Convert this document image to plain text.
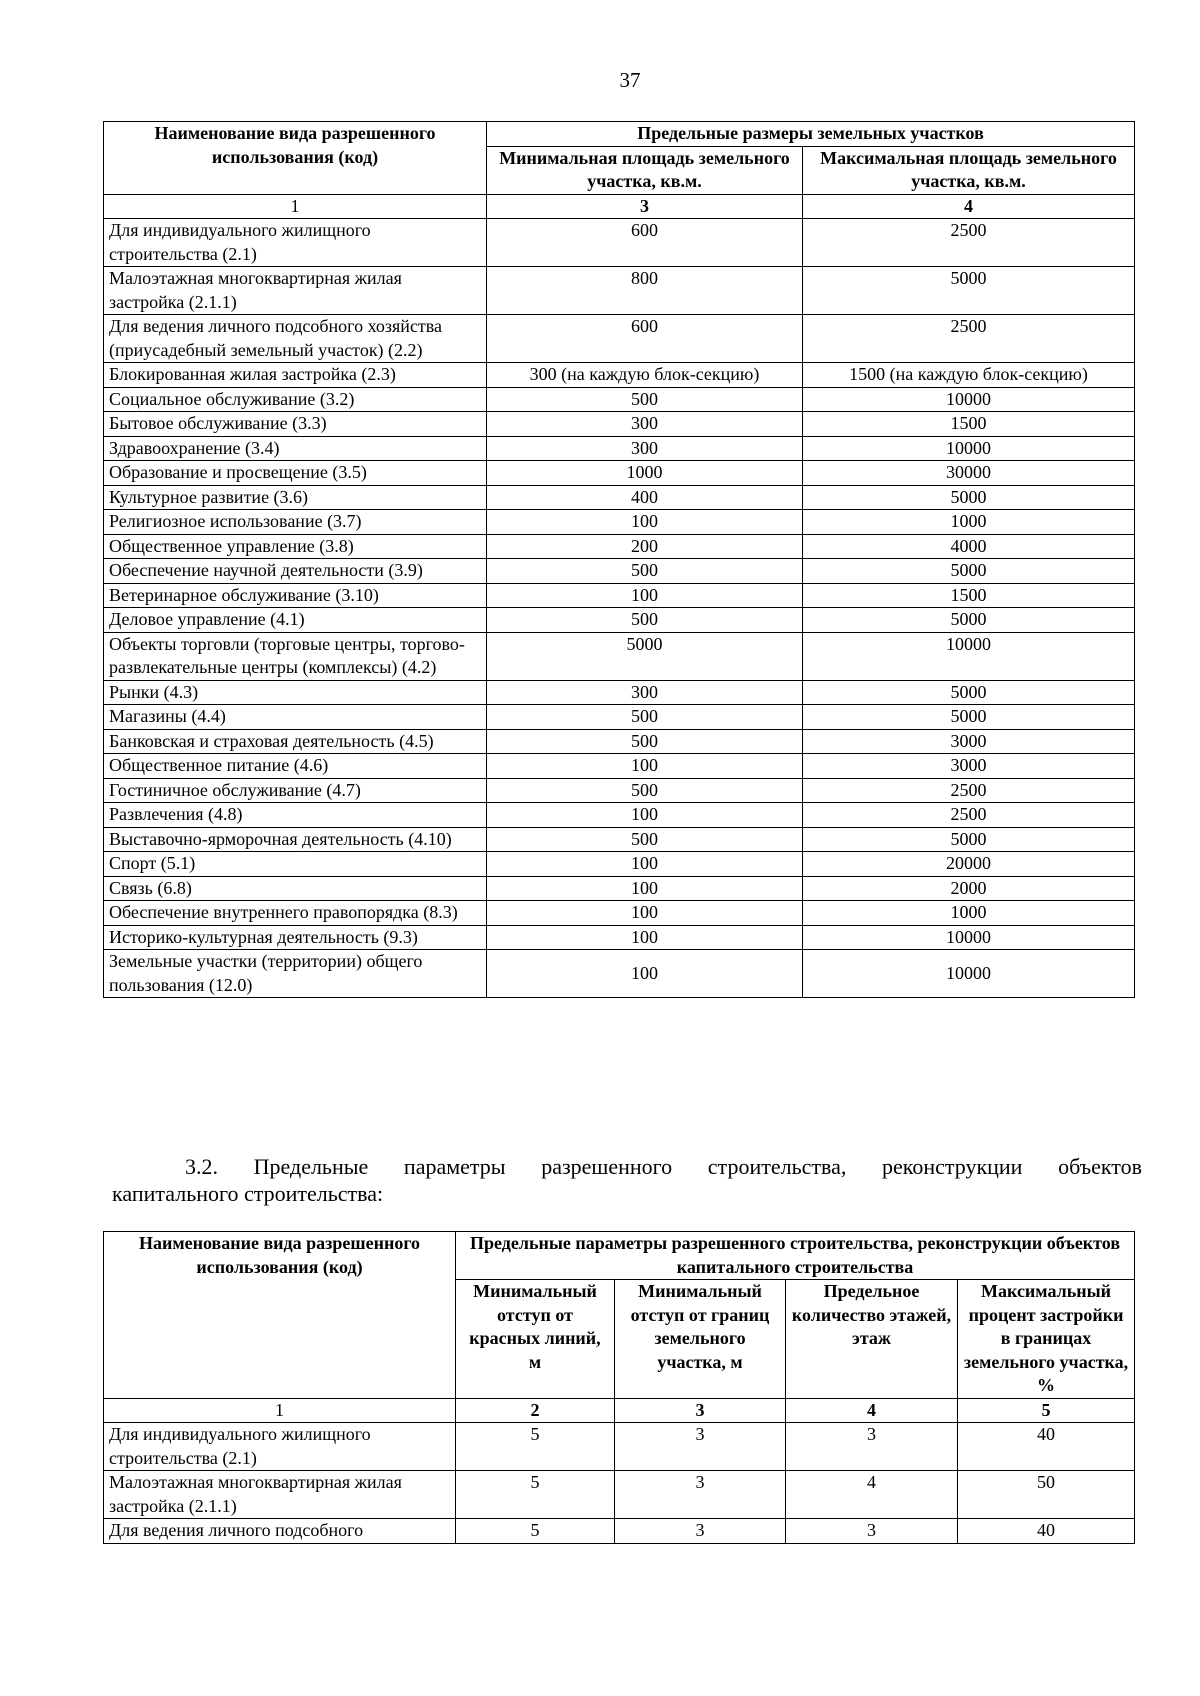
37
Наименование вида разрешенного использования (код)	Предельные размеры земельных участков	
	Минимальная площадь земельного участка, кв.м.	Максимальная площадь земельного участка, кв.м.
1	3	4
Для индивидуального жилищного строительства (2.1)	600	2500
Малоэтажная многоквартирная жилая застройка (2.1.1)	800	5000
Для ведения личного подсобного хозяйства (приусадебный земельный участок) (2.2)	600	2500
Блокированная жилая застройка (2.3)	300 (на каждую блок-секцию)	1500 (на каждую блок-секцию)
Социальное обслуживание (3.2)	500	10000
Бытовое обслуживание (3.3)	300	1500
Здравоохранение (3.4)	300	10000
Образование и просвещение (3.5)	1000	30000
Культурное развитие (3.6)	400	5000
Религиозное использование (3.7)	100	1000
Общественное управление (3.8)	200	4000
Обеспечение научной деятельности (3.9)	500	5000
Ветеринарное обслуживание (3.10)	100	1500
Деловое управление (4.1)	500	5000
Объекты торговли (торговые центры, торгово-
развлекательные центры (комплексы) (4.2)	5000	10000
Рынки (4.3)	300	5000
Магазины (4.4)	500	5000
Банковская и страховая деятельность (4.5)	500	3000
Общественное питание (4.6)	100	3000
Гостиничное обслуживание (4.7)	500	2500
Развлечения (4.8)	100	2500
Выставочно-ярморочная деятельность (4.10)	500	5000
Спорт (5.1)	100	20000
Связь (6.8)	100	2000
Обеспечение внутреннего правопорядка (8.3)	100	1000
Историко-культурная деятельность (9.3)	100	10000
Земельные участки (территории) общего пользования (12.0)	100	10000
3.2. Предельные параметры разрешенного строительства, реконструкции объектов
капитального строительства:
Наименование вида разрешенного использования (код)	Предельные параметры разрешенного строительства, реконструкции объектов капитального строительства			
	Минимальный отступ от красных линий, м	Минимальный отступ от границ земельного участка, м	Предельное количество этажей, этаж	Максимальный процент застройки в границах земельного участка, %
1	2	3	4	5
Для индивидуального жилищного строительства (2.1)	5	3	3	40
Малоэтажная многоквартирная жилая застройка (2.1.1)	5	3	4	50
Для ведения личного подсобного	5	3	3	40
